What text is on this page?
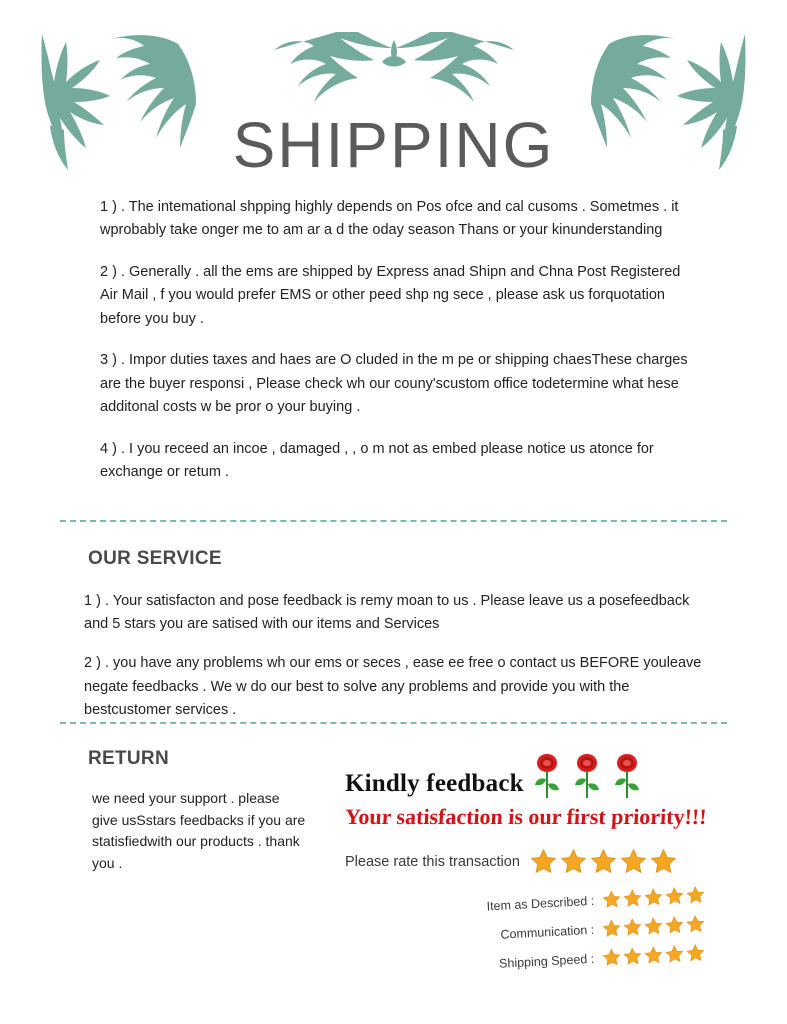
SHIPPING

1 ) . The intemational shpping highly depends on Pos ofce and cal cusoms . Sometmes . it wprobably take onger me to am ar a d the oday season Thans or your kinunderstanding

2 ) . Generally . all the ems are shipped by Express anad Shipn and Chna Post Registered Air Mail , f you would prefer EMS or other peed shp ng sece , please ask us forquotation before you buy .

3 ) . Impor duties taxes and haes are O cluded in the m pe or shipping chaesThese charges are the buyer responsi , Please check wh our couny'scustom office todetermine what hese additonal costs w be pror o your buying .

4 ) . I you receed an incoe , damaged , , o m not as embed please notice us atonce for exchange or retum .

OUR SERVICE

1 ) . Your satisfacton and pose feedback is remy moan to us . Please leave us a posefeedback and 5 stars you are satised with our items and Services

2 ) . you have any problems wh our ems or seces , ease ee free o contact us BEFORE youleave negate feedbacks . We w do our best to solve any problems and provide you with the bestcustomer services .

RETURN
we need your support . please give usSstars feedbacks if you are statisfiedwith our products . thank you .
Kindly feedback
Your satisfaction is our first priority!!!
Please rate this transaction
Item as Described :
Communication :
Shipping Speed :
